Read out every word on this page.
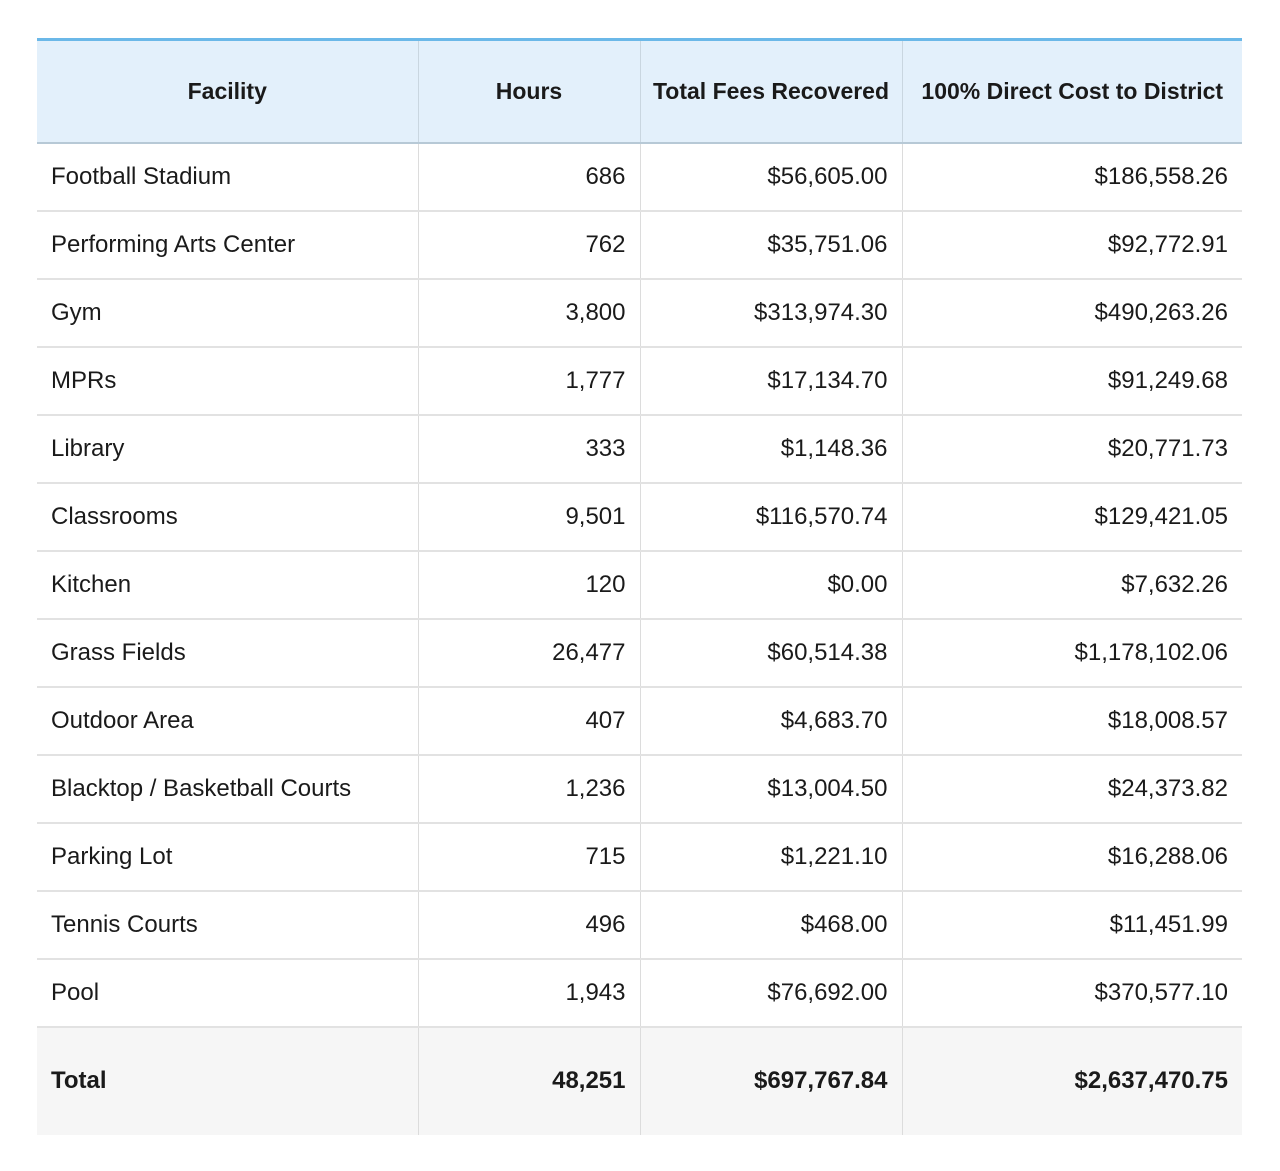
Facility	Hours	Total Fees Recovered	100% Direct Cost to District
Football Stadium	686	$56,605.00	$186,558.26
Performing Arts Center	762	$35,751.06	$92,772.91
Gym	3,800	$313,974.30	$490,263.26
MPRs	1,777	$17,134.70	$91,249.68
Library	333	$1,148.36	$20,771.73
Classrooms	9,501	$116,570.74	$129,421.05
Kitchen	120	$0.00	$7,632.26
Grass Fields	26,477	$60,514.38	$1,178,102.06
Outdoor Area	407	$4,683.70	$18,008.57
Blacktop / Basketball Courts	1,236	$13,004.50	$24,373.82
Parking Lot	715	$1,221.10	$16,288.06
Tennis Courts	496	$468.00	$11,451.99
Pool	1,943	$76,692.00	$370,577.10
Total	48,251	$697,767.84	$2,637,470.75
